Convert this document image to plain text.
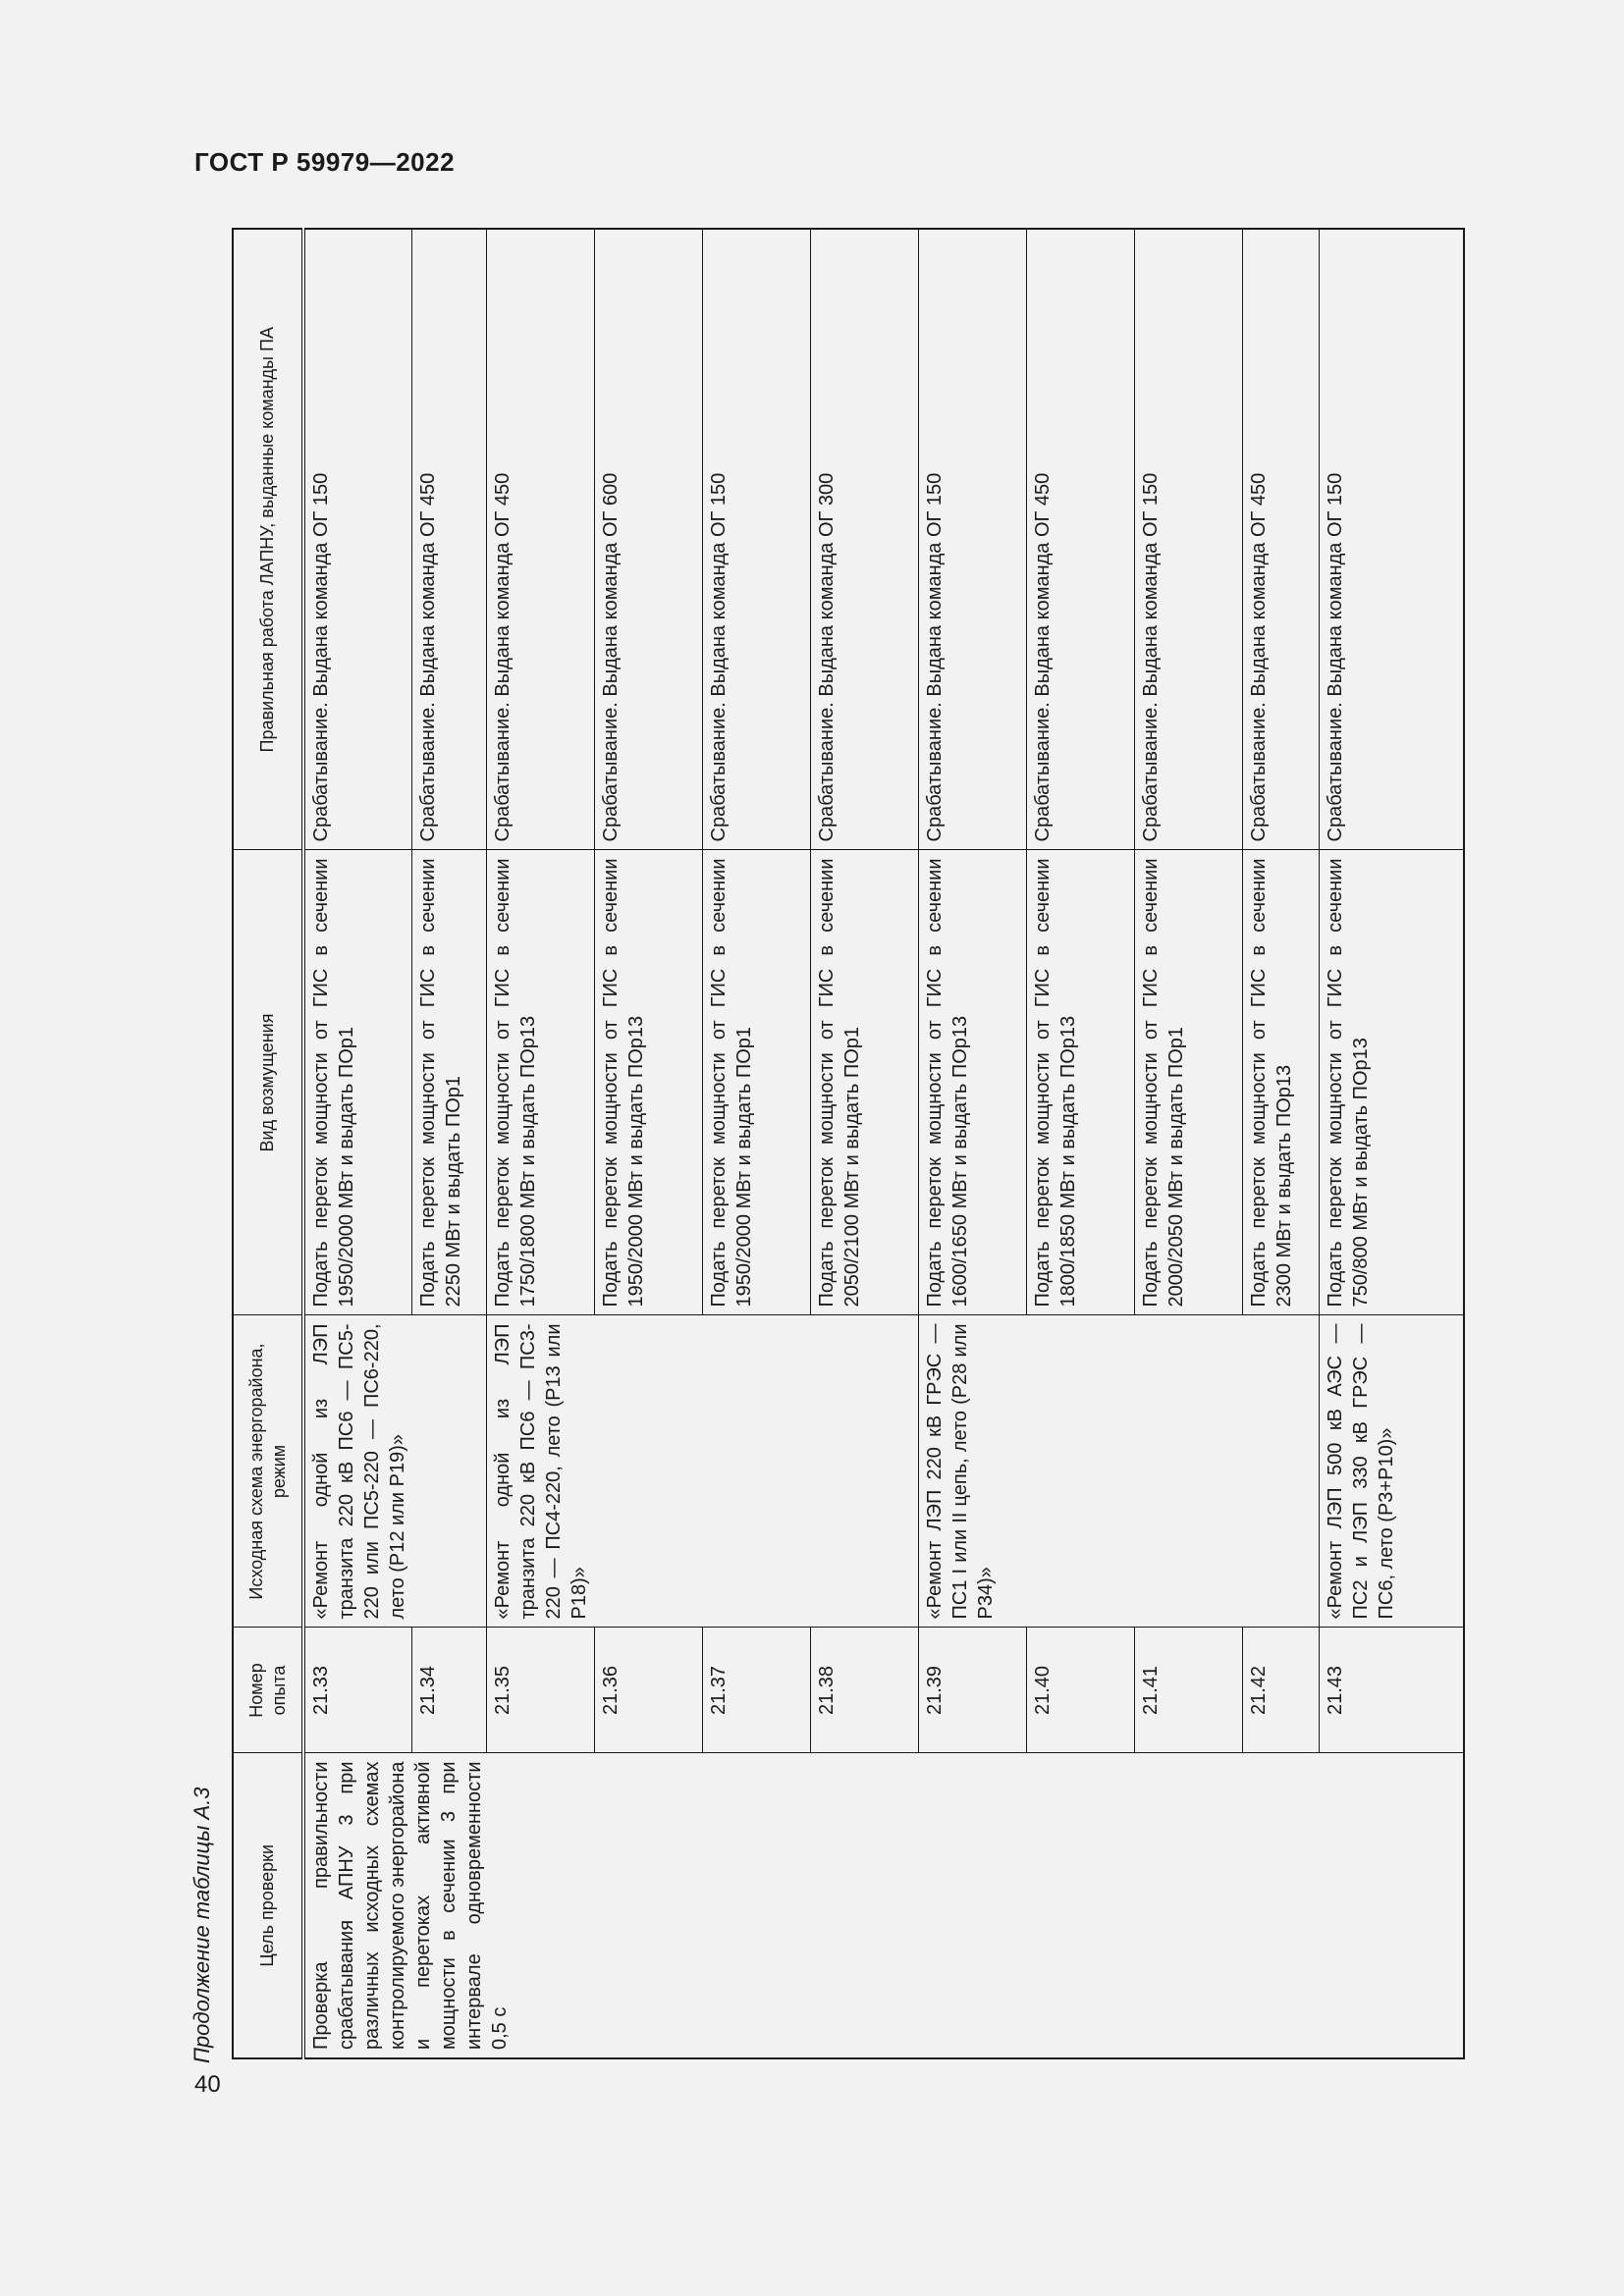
ГОСТ Р 59979—2022
Продолжение таблицы А.3 Цель проверки	Номер опыта	Исходная схема энергорайона, режим	Вид возмущения	Правильная работа ЛАПНУ, выданные команды ПА
Проверка правильности срабатывания АПНУ 3 при различных исходных схемах контролируемого энергорайона и перетоках активной мощности в сечении 3 при интервале одновременности 0,5 с	21.33	«Ремонт одной из ЛЭП транзита 220 кВ ПС6 — ПС5-220 или ПС5-220 — ПС6-220, лето (Р12 или Р19)»	Подать переток мощности от ГИС в сечении 1950/2000 МВт и выдать ПОр1	Срабатывание. Выдана команда ОГ 150
	21.34		Подать переток мощности от ГИС в сечении 2250 МВт и выдать ПОр1	Срабатывание. Выдана команда ОГ 450
	21.35	«Ремонт одной из ЛЭП транзита 220 кВ ПС6 — ПС3-220 — ПС4-220, лето (Р13 или Р18)»	Подать переток мощности от ГИС в сечении 1750/1800 МВт и выдать ПОр13	Срабатывание. Выдана команда ОГ 450
	21.36		Подать переток мощности от ГИС в сечении 1950/2000 МВт и выдать ПОр13	Срабатывание. Выдана команда ОГ 600
	21.37		Подать переток мощности от ГИС в сечении 1950/2000 МВт и выдать ПОр1	Срабатывание. Выдана команда ОГ 150
	21.38		Подать переток мощности от ГИС в сечении 2050/2100 МВт и выдать ПОр1	Срабатывание. Выдана команда ОГ 300
	21.39	«Ремонт ЛЭП 220 кВ ГРЭС — ПС1 I или II цепь, лето (Р28 или Р34)»	Подать переток мощности от ГИС в сечении 1600/1650 МВт и выдать ПОр13	Срабатывание. Выдана команда ОГ 150
	21.40		Подать переток мощности от ГИС в сечении 1800/1850 МВт и выдать ПОр13	Срабатывание. Выдана команда ОГ 450
	21.41		Подать переток мощности от ГИС в сечении 2000/2050 МВт и выдать ПОр1	Срабатывание. Выдана команда ОГ 150
	21.42		Подать переток мощности от ГИС в сечении 2300 МВт и выдать ПОр13	Срабатывание. Выдана команда ОГ 450
	21.43	«Ремонт ЛЭП 500 кВ АЭС — ПС2 и ЛЭП 330 кВ ГРЭС — ПС6, лето (Р3+Р10)»	Подать переток мощности от ГИС в сечении 750/800 МВт и выдать ПОр13	Срабатывание. Выдана команда ОГ 150
40
